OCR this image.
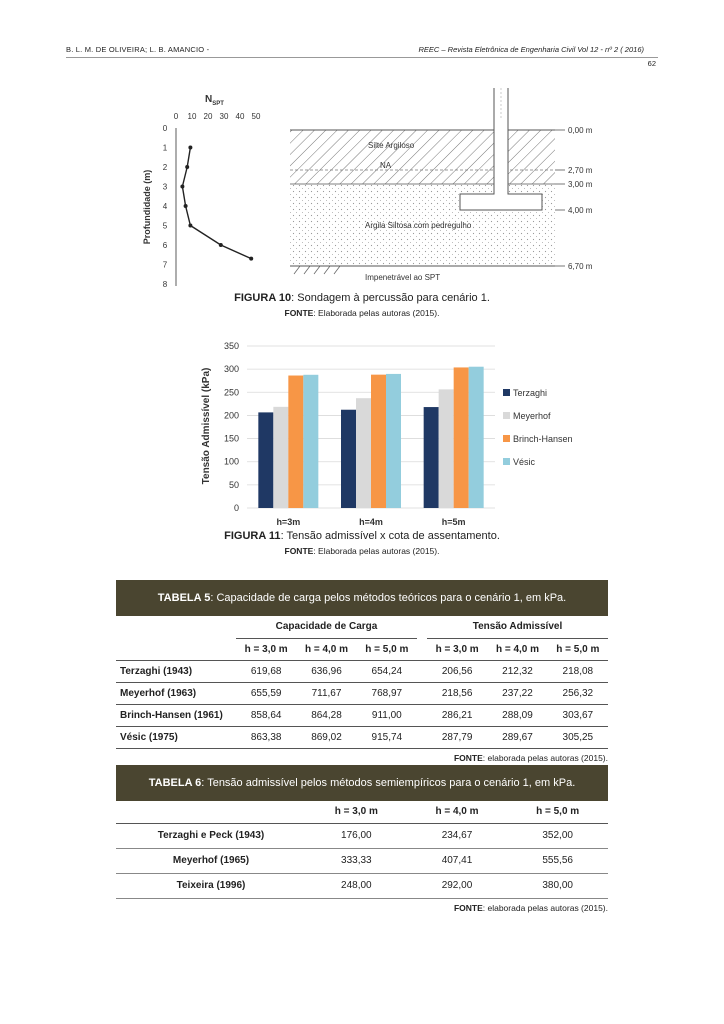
B. L. M. DE OLIVEIRA; L. B. AMANCIO -	REEC – Revista Eletrônica de Engenharia Civil Vol 12 - nº 2 ( 2016)
62
$N_{SPT}$
0 10 20 30 40 50
0
1
2
3
4
5
6
7
8
Profundidade (m)
Silte Argiloso
NA
Argila Siltosa com pedregulho
Impenetrável ao SPT
0,00 m
2,70 m
3,00 m
4,00 m
6,70 m
FIGURA 10: Sondagem à percussão para cenário 1.
FONTE: Elaborada pelas autoras (2015).
0
50
100
150
200
250
300
350
h=3m	h=4m	h=5m
Terzaghi
Meyerhof
Brinch-Hansen
Vésic
Tensão Admissível (kPa)
FIGURA 11: Tensão admissível x cota de assentamento.
FONTE: Elaborada pelas autoras (2015).
TABELA 5 : Capacidade de carga pelos métodos teóricos para o cenário 1, em kPa.
	Capacidade de Carga				Tensão Admissível		
	h = 3,0 m	h = 4,0 m	h = 5,0 m		h = 3,0 m	h = 4,0 m	h = 5,0 m
Terzaghi (1943)	619,68	636,96	654,24		206,56	212,32	218,08
Meyerhof (1963)	655,59	711,67	768,97		218,56	237,22	256,32
Brinch-Hansen (1961)	858,64	864,28	911,00		286,21	288,09	303,67
Vésic (1975)	863,38	869,02	915,74		287,79	289,67	305,25
FONTE: elaborada pelas autoras (2015).
TABELA 6 : Tensão admissível pelos métodos semiempíricos para o cenário 1, em kPa.
	h = 3,0 m	h = 4,0 m	h = 5,0 m
Terzaghi e Peck (1943)	176,00	234,67	352,00
Meyerhof (1965)	333,33	407,41	555,56
Teixeira (1996)	248,00	292,00	380,00
FONTE: elaborada pelas autoras (2015).
